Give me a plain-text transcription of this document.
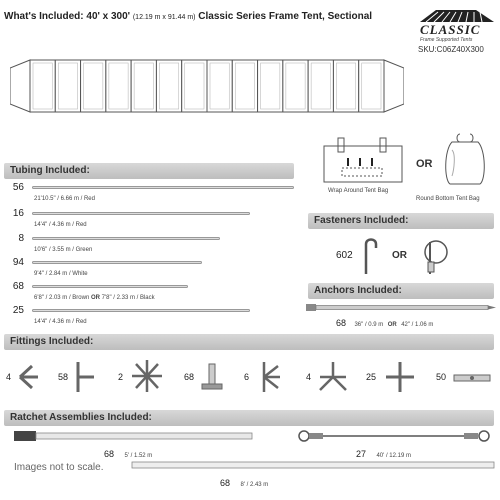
What's Included: 40' x 300' (12.19 m x 91.44 m) Classic Series Frame Tent, Sectional
CLASSIC
Frame Supported Tents
SKU:C06Z40X300
Tubing Included:
56
21'10.5" / 6.66 m / Red
16
14'4" / 4.36 m / Red
8
10'6" / 3.55 m / Green
94
9'4" / 2.84 m / White
68
6'8" / 2.03 m / Brown OR 7'8" / 2.33 m / Black
25
14'4" / 4.36 m / Red
Wrap Around Tent Bag
OR
Round Bottom Tent Bag
Fasteners Included:
602	OR
Anchors Included:
68 36" / 0.9 m OR 42" / 1.06 m
Fittings Included:
4	58	2	68	6	4	25	50
Ratchet Assemblies Included:
68 5' / 1.52 m	27 40' / 12.19 m
68 8' / 2.43 m
Images not to scale.
